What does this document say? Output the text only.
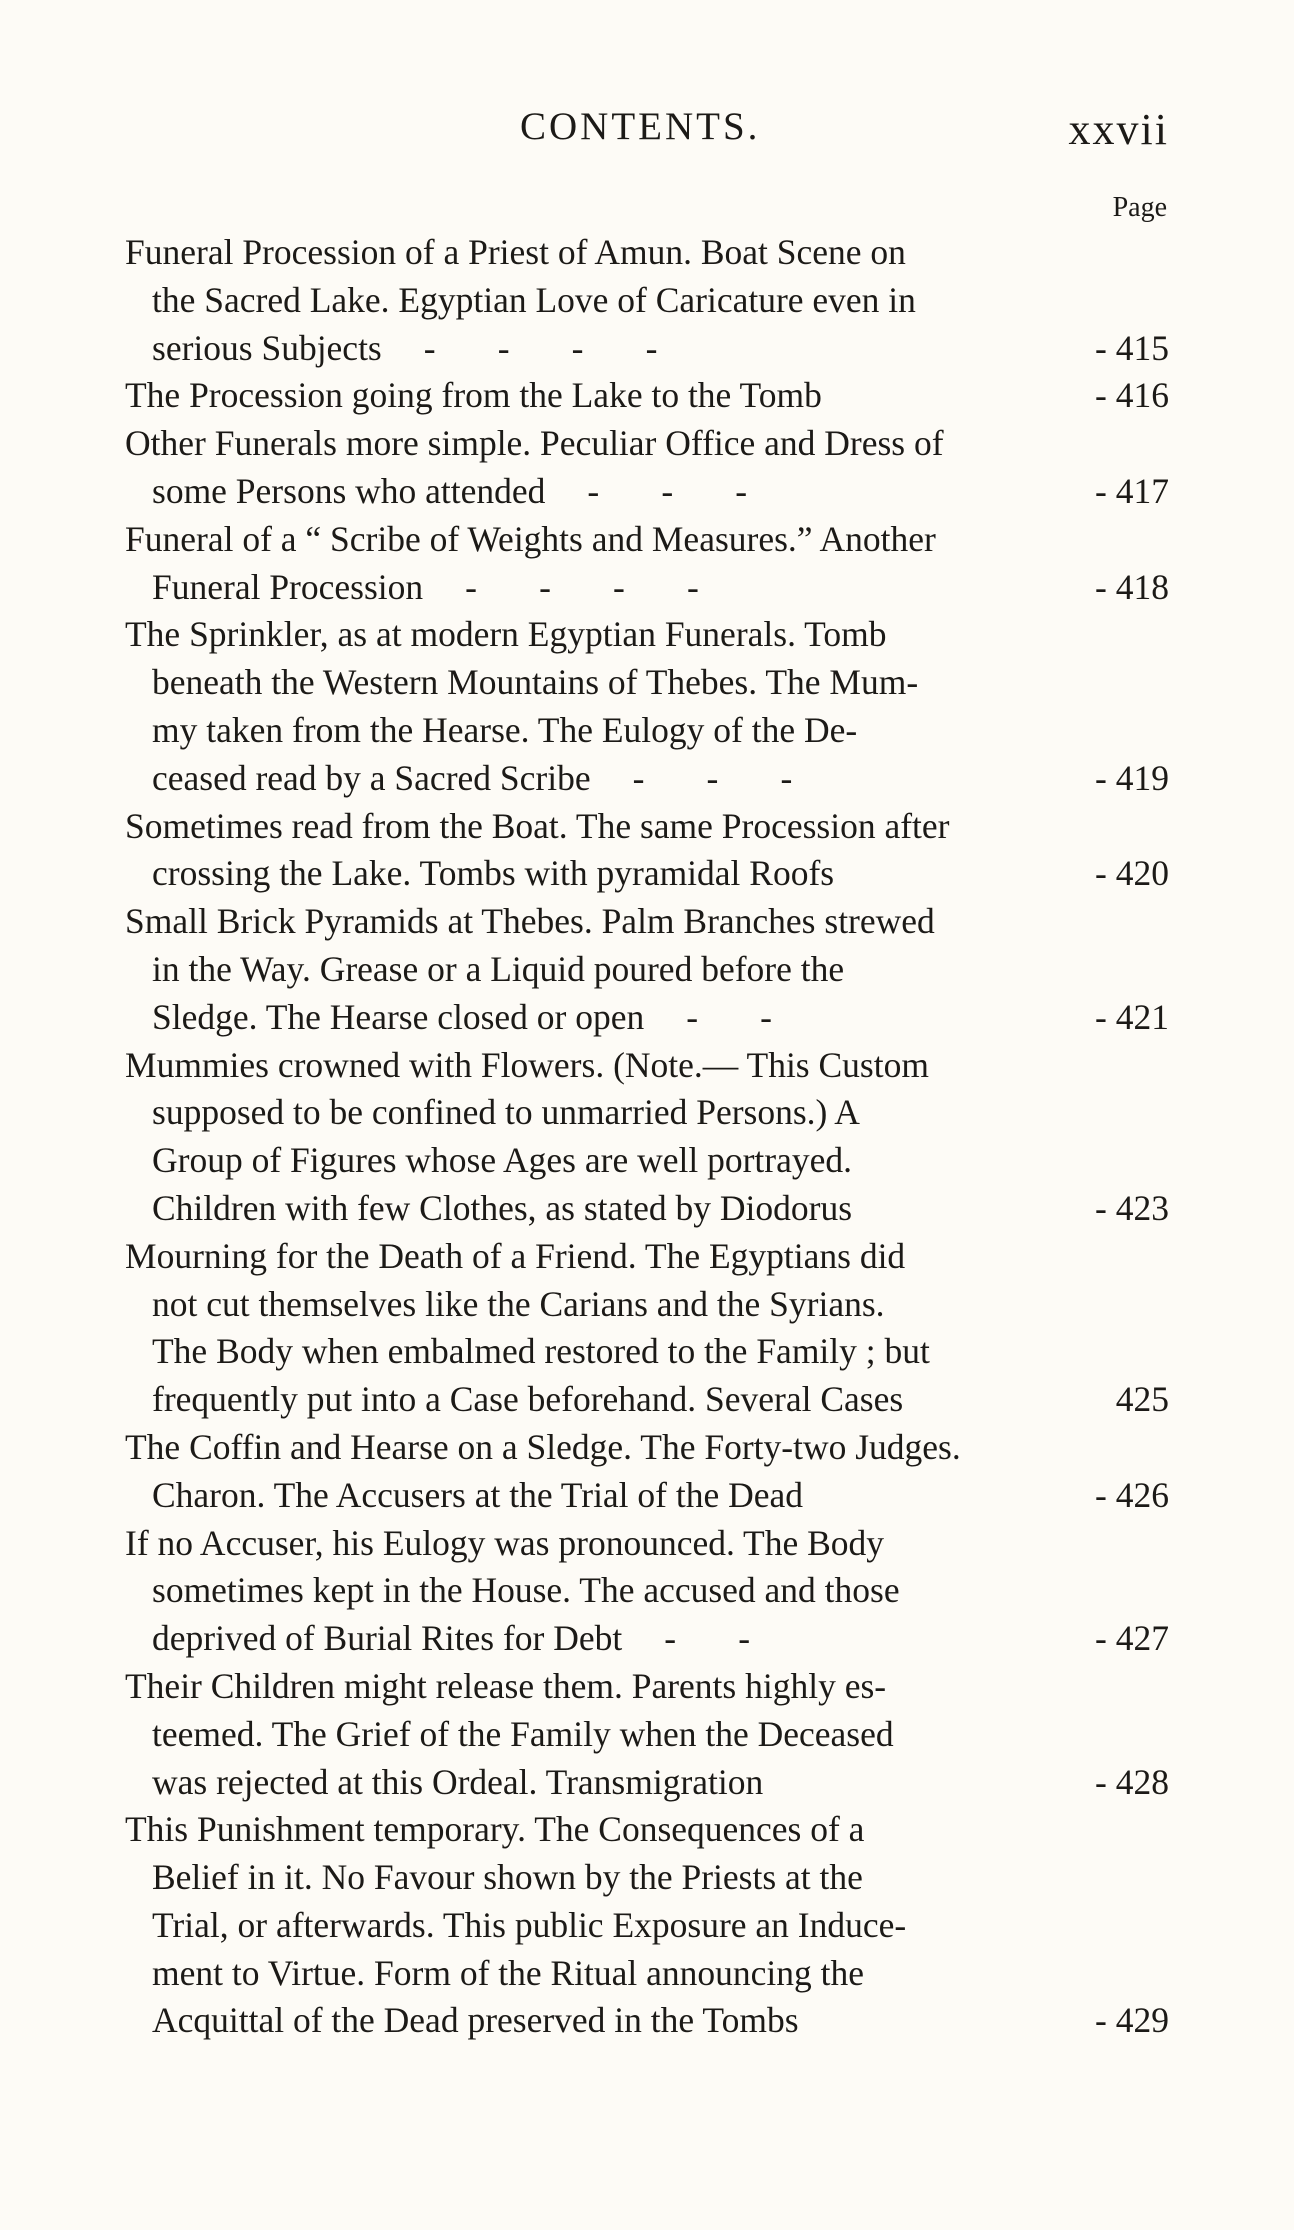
CONTENTS.	xxvii
Page
Funeral Procession of a Priest of Amun. Boat Scene on
the Sacred Lake. Egyptian Love of Caricature even in
serious Subjects -       -       -       -	- 415
The Procession going from the Lake to the Tomb	- 416
Other Funerals more simple. Peculiar Office and Dress of
some Persons who attended -       -       -	- 417
Funeral of a “ Scribe of Weights and Measures.” Another
Funeral Procession -       -       -       -	- 418
The Sprinkler, as at modern Egyptian Funerals. Tomb
beneath the Western Mountains of Thebes. The Mum-
my taken from the Hearse. The Eulogy of the De-
ceased read by a Sacred Scribe -       -       -	- 419
Sometimes read from the Boat. The same Procession after
crossing the Lake. Tombs with pyramidal Roofs	- 420
Small Brick Pyramids at Thebes. Palm Branches strewed
in the Way. Grease or a Liquid poured before the
Sledge. The Hearse closed or open -       -	- 421
Mummies crowned with Flowers. (Note.— This Custom
supposed to be confined to unmarried Persons.) A
Group of Figures whose Ages are well portrayed.
Children with few Clothes, as stated by Diodorus	- 423
Mourning for the Death of a Friend. The Egyptians did
not cut themselves like the Carians and the Syrians.
The Body when embalmed restored to the Family ; but
frequently put into a Case beforehand. Several Cases	425
The Coffin and Hearse on a Sledge. The Forty-two Judges.
Charon. The Accusers at the Trial of the Dead	- 426
If no Accuser, his Eulogy was pronounced. The Body
sometimes kept in the House. The accused and those
deprived of Burial Rites for Debt -       -	- 427
Their Children might release them. Parents highly es-
teemed. The Grief of the Family when the Deceased
was rejected at this Ordeal. Transmigration	- 428
This Punishment temporary. The Consequences of a
Belief in it. No Favour shown by the Priests at the
Trial, or afterwards. This public Exposure an Induce-
ment to Virtue. Form of the Ritual announcing the
Acquittal of the Dead preserved in the Tombs	- 429
